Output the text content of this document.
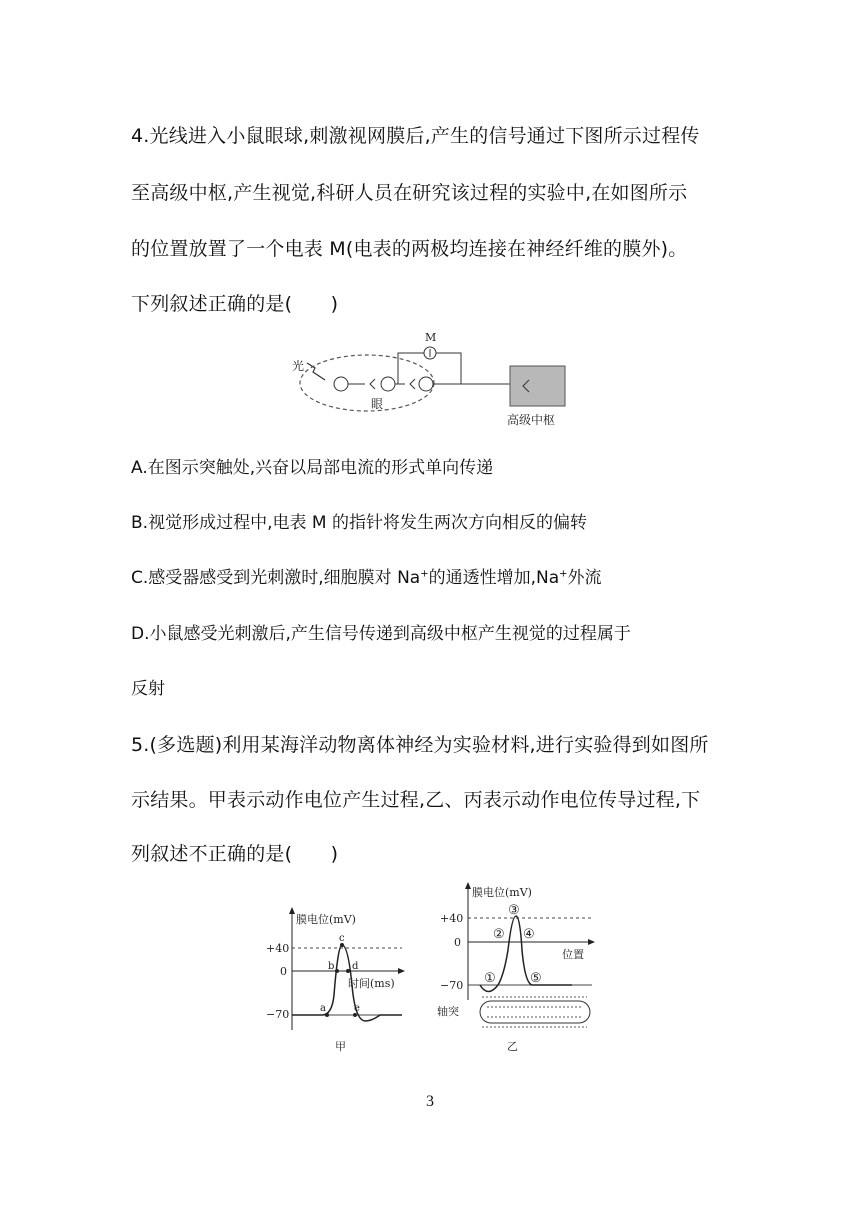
4.光线进入小鼠眼球,刺激视网膜后,产生的信号通过下图所示过程传
至高级中枢,产生视觉,科研人员在研究该过程的实验中,在如图所示
的位置放置了一个电表 M(电表的两极均连接在神经纤维的膜外)。
下列叙述正确的是(　　)
光
眼
M
高级中枢
A.在图示突触处,兴奋以局部电流的形式单向传递
B.视觉形成过程中,电表 M 的指针将发生两次方向相反的偏转
C.感受器感受到光刺激时,细胞膜对 Na+的通透性增加,Na+外流
D.小鼠感受光刺激后,产生信号传递到高级中枢产生视觉的过程属于
反射
5.(多选题)利用某海洋动物离体神经为实验材料,进行实验得到如图所
示结果。甲表示动作电位产生过程,乙、丙表示动作电位传导过程,下
列叙述不正确的是(　　)
膜电位(mV)
时间(ms)
+40
0
−70	a
b
c
d
e
甲
膜电位(mV)
位置
+40
0
−70 ①
②
③
④
⑤
轴突
乙
3
